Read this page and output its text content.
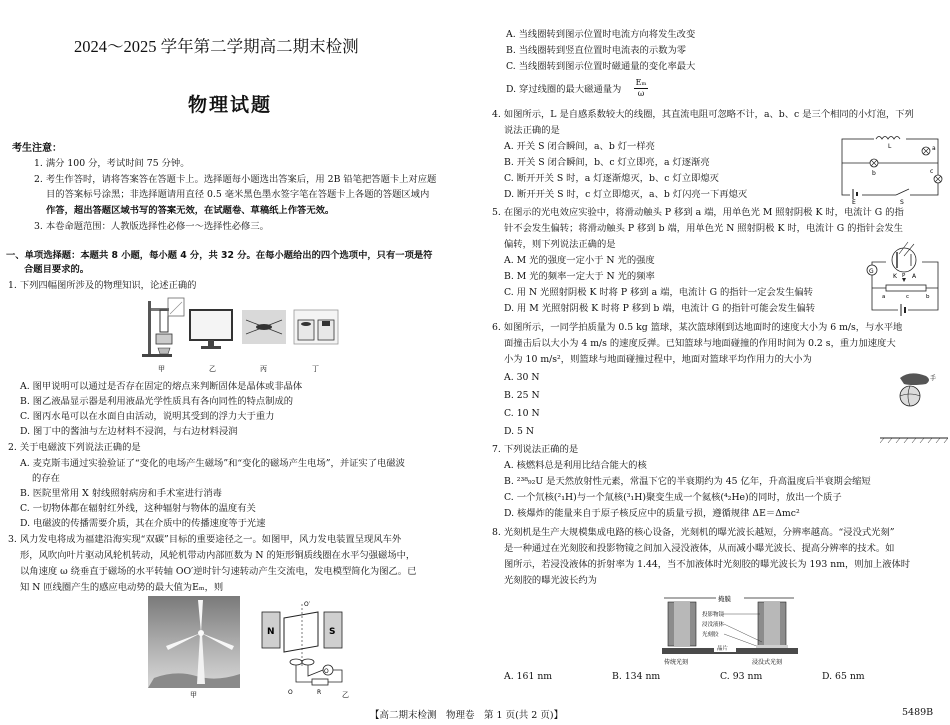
2024～2025 学年第二学期高二期末检测
物理试题
考生注意：
1. 满分 100 分，考试时间 75 分钟。
2. 考生作答时，请将答案答在答题卡上。选择题每小题选出答案后，用 2B 铅笔把答题卡上对应题
目的答案标号涂黑；非选择题请用直径 0.5 毫米黑色墨水签字笔在答题卡上各题的答题区域内
作答，超出答题区域书写的答案无效，在试题卷、草稿纸上作答无效。
3. 本卷命题范围：人教版选择性必修一～选择性必修三。
一、单项选择题：本题共 8 小题，每小题 4 分，共 32 分。在每小题给出的四个选项中，只有一项是符
合题目要求的。
1. 下列四幅图所涉及的物理知识，论述正确的
甲	乙	丙	丁
A. 图甲说明可以通过是否存在固定的熔点来判断固体是晶体或非晶体
B. 图乙液晶显示器是利用液晶光学性质具有各向同性的特点制成的
C. 图丙水黾可以在水面自由活动，说明其受到的浮力大于重力
D. 图丁中的酱油与左边材料不浸润，与右边材料浸润
2. 关于电磁波下列说法正确的是
A. 麦克斯韦通过实验验证了“变化的电场产生磁场”和“变化的磁场产生电场”，并证实了电磁波
的存在
B. 医院里常用 X 射线照射病房和手术室进行消毒
C. 一切物体都在辐射红外线，这种辐射与物体的温度有关
D. 电磁波的传播需要介质，其在介质中的传播速度等于光速
3. 风力发电将成为福建沿海实现“双碳”目标的重要途径之一。如图甲，风力发电装置呈现风车外
形，风吹向叶片驱动风轮机转动，风轮机带动内部匝数为 N 的矩形铜质线圈在水平匀强磁场中，
以角速度 ω 绕垂直于磁场的水平转轴 OO′逆时针匀速转动产生交流电，发电模型简化为图乙。已
知 N 匝线圈产生的感应电动势的最大值为Eₘ，则
甲
N	S
O
R
O
O′
乙
A. 当线圈转到图示位置时电流方向将发生改变
B. 当线圈转到竖直位置时电流表的示数为零
C. 当线圈转到图示位置时磁通量的变化率最大
D. 穿过线圈的最大磁通量为
Eₘ
ω
4. 如图所示，L 是自感系数较大的线圈，其直流电阻可忽略不计，a、b、c 是三个相同的小灯泡，下列
说法正确的是
A. 开关 S 闭合瞬间，a、b 灯一样亮
B. 开关 S 闭合瞬间，b、c 灯立即亮，a 灯逐渐亮
C. 断开开关 S 时，a 灯逐渐熄灭，b、c 灯立即熄灭
D. 断开开关 S 时，c 灯立即熄灭，a、b 灯闪亮一下再熄灭
L	a
b	c
E	S
5. 在图示的光电效应实验中，将滑动触头 P 移到 a 端，用单色光 M 照射阴极 K 时，电流计 G 的指
针不会发生偏转；将滑动触头 P 移到 b 端，用单色光 N 照射阴极 K 时，电流计 G 的指针会发生
偏转，则下列说法正确的是
A. M 光的强度一定小于 N 光的强度
B. M 光的频率一定大于 N 光的频率
C. 用 N 光照射阴极 K 时将 P 移到 a 端，电流计 G 的指针一定会发生偏转
D. 用 M 光照射阴极 K 时将 P 移到 b 端，电流计 G 的指针可能会发生偏转
K	A
G
P
a	b
c
6. 如图所示，一同学拍质量为 0.5 kg 篮球，某次篮球刚到达地面时的速度大小为 6 m/s，与水平地
面撞击后以大小为 4 m/s 的速度反弹。已知篮球与地面碰撞的作用时间为 0.2 s，重力加速度大
小为 10 m/s²，则篮球与地面碰撞过程中，地面对篮球平均作用力的大小为
A. 30 N
B. 25 N
C. 10 N
D. 5 N
手
7. 下列说法正确的是
A. 核燃料总是利用比结合能大的核
B. ²³⁸₉₂U 是天然放射性元素，常温下它的半衰期约为 45 亿年，升高温度后半衰期会缩短
C. 一个氘核(²₁H)与一个氚核(³₁H)聚变生成一个氦核(⁴₂He)的同时，放出一个质子
D. 核爆炸的能量来自于原子核反应中的质量亏损，遵循规律 ΔE＝Δmc²
8. 光刻机是生产大规模集成电路的核心设备，光刻机的曝光波长越短，分辨率越高。“浸没式光刻”
是一种通过在光刻胶和投影物镜之间加入浸没液体，从而减小曝光波长、提高分辨率的技术。如
图所示，若浸没液体的折射率为 1.44，当不加液体时光刻胶的曝光波长为 193 nm，则加上液体时
光刻胶的曝光波长约为
掩膜
投影物镜
浸没液体
光刻胶
晶片
传统光刻	浸没式光刻
A. 161 nm	B. 134 nm	C. 93 nm	D. 65 nm
【高二期末检测　物理卷　第 1 页(共 2 页)】	5489B
